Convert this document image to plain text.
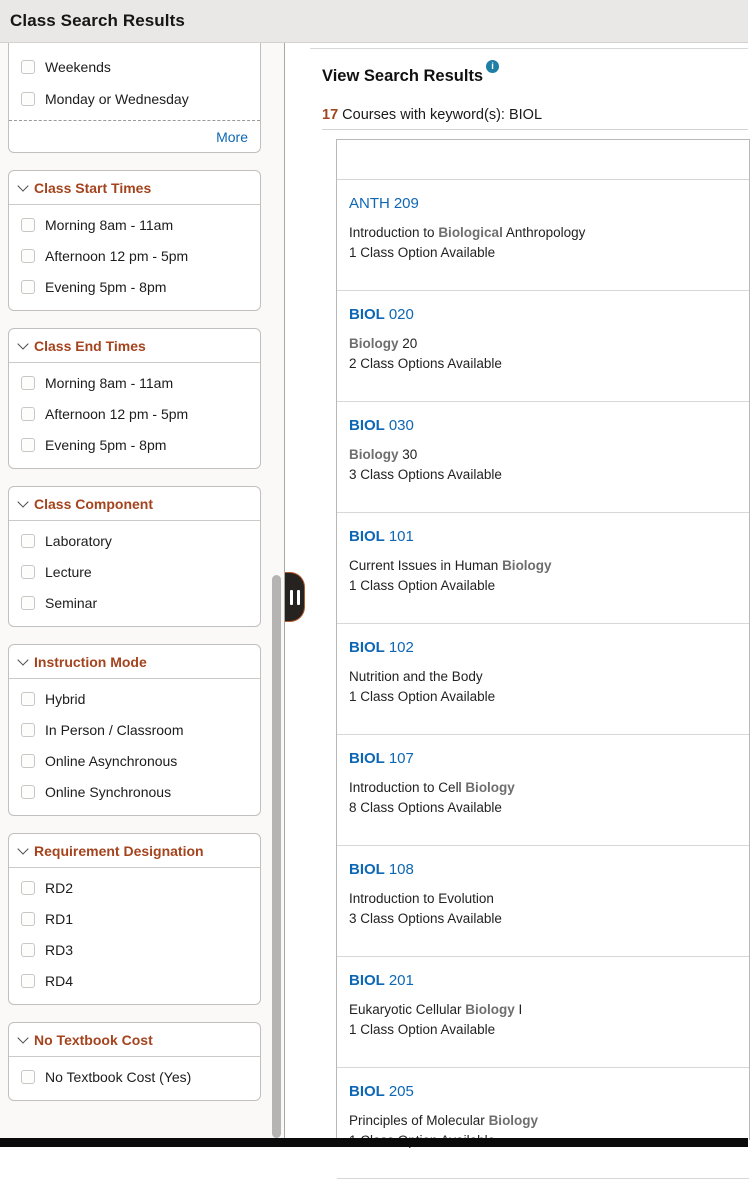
Class Search Results
Weekends
Monday or Wednesday
More
Class Start Times
Morning 8am - 11am
Afternoon 12 pm - 5pm
Evening 5pm - 8pm
Class End Times
Morning 8am - 11am
Afternoon 12 pm - 5pm
Evening 5pm - 8pm
Class Component
Laboratory
Lecture
Seminar
Instruction Mode
Hybrid
In Person / Classroom
Online Asynchronous
Online Synchronous
Requirement Designation
RD2
RD1
RD3
RD4
No Textbook Cost
No Textbook Cost (Yes)
View Search Results
i
17 Courses with keyword(s): BIOL
ANTH 209
Introduction to Biological Anthropology
1 Class Option Available
BIOL 020
Biology 20
2 Class Options Available
BIOL 030
Biology 30
3 Class Options Available
BIOL 101
Current Issues in Human Biology
1 Class Option Available
BIOL 102
Nutrition and the Body
1 Class Option Available
BIOL 107
Introduction to Cell Biology
8 Class Options Available
BIOL 108
Introduction to Evolution
3 Class Options Available
BIOL 201
Eukaryotic Cellular Biology I
1 Class Option Available
BIOL 205
Principles of Molecular Biology
